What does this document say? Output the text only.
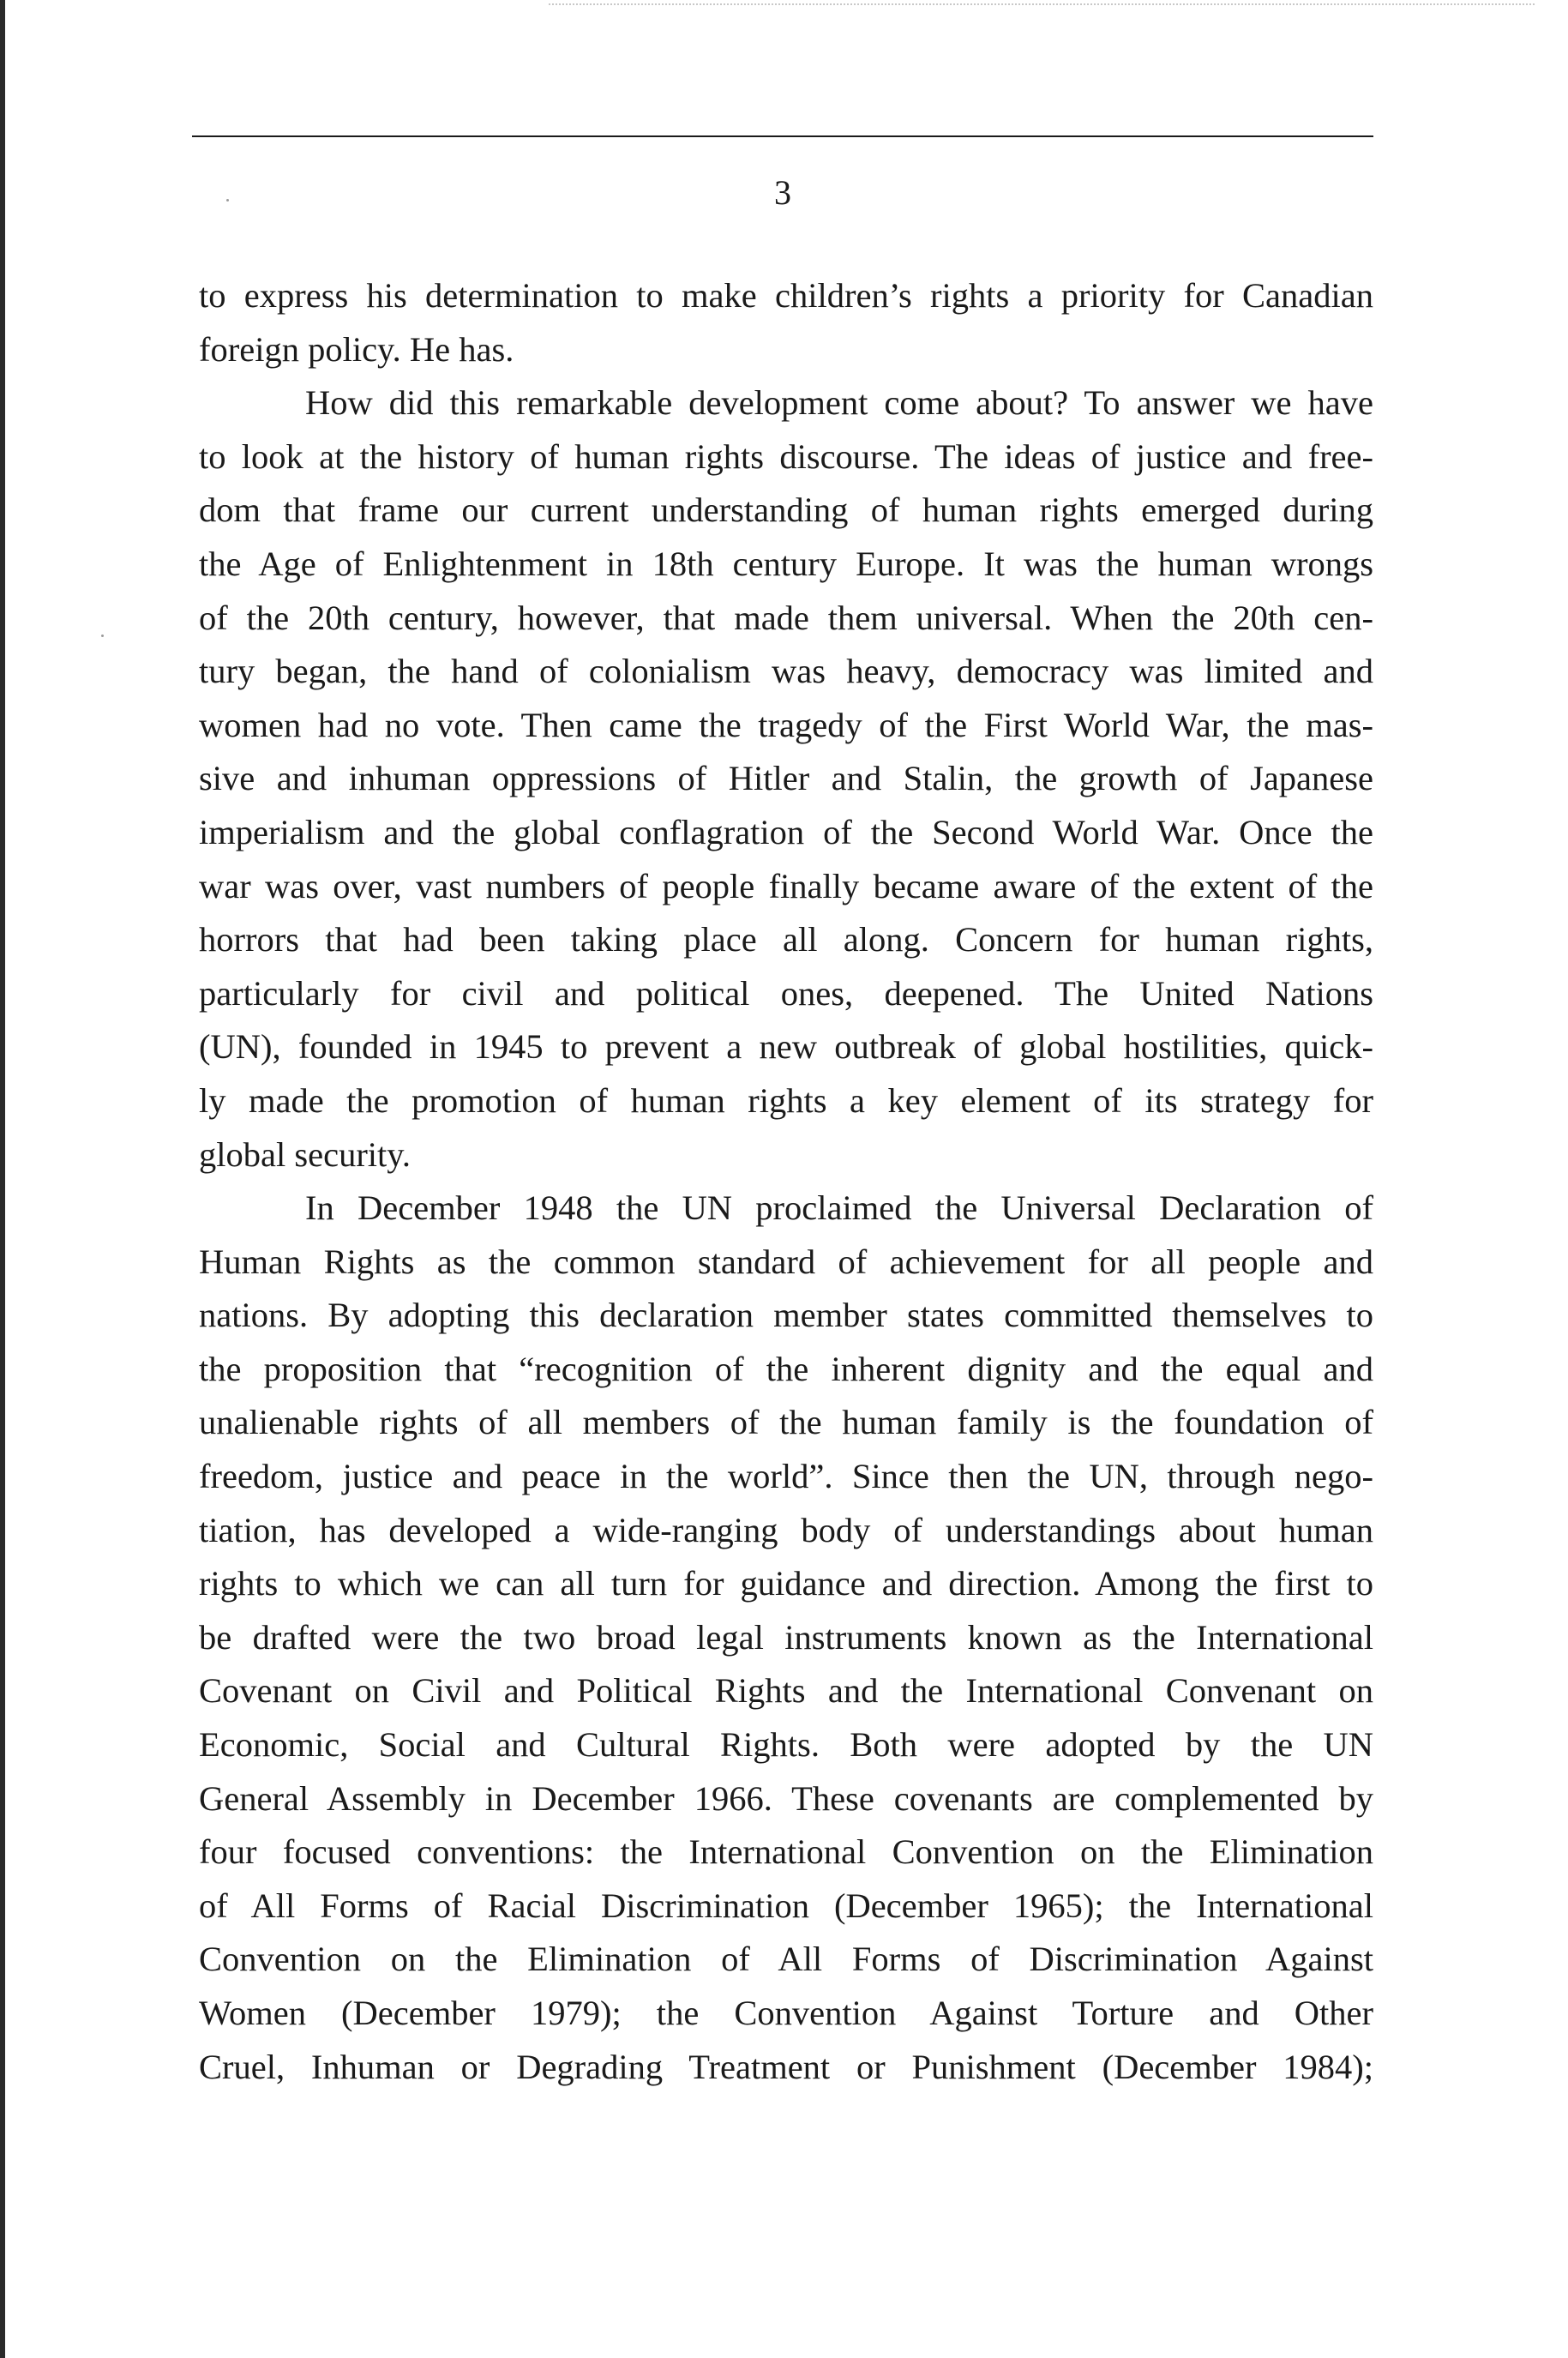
3
to express his determination to make children’s rights a priority for Canadian
foreign policy. He has.
How did this remarkable development come about? To answer we have
to look at the history of human rights discourse. The ideas of justice and free-
dom that frame our current understanding of human rights emerged during
the Age of Enlightenment in 18th century Europe. It was the human wrongs
of the 20th century, however, that made them universal. When the 20th cen-
tury began, the hand of colonialism was heavy, democracy was limited and
women had no vote. Then came the tragedy of the First World War, the mas-
sive and inhuman oppressions of Hitler and Stalin, the growth of Japanese
imperialism and the global conflagration of the Second World War. Once the
war was over, vast numbers of people finally became aware of the extent of the
horrors that had been taking place all along. Concern for human rights,
particularly for civil and political ones, deepened. The United Nations
(UN), founded in 1945 to prevent a new outbreak of global hostilities, quick-
ly made the promotion of human rights a key element of its strategy for
global security.
In December 1948 the UN proclaimed the Universal Declaration of
Human Rights as the common standard of achievement for all people and
nations. By adopting this declaration member states committed themselves to
the proposition that “recognition of the inherent dignity and the equal and
unalienable rights of all members of the human family is the foundation of
freedom, justice and peace in the world”. Since then the UN, through nego-
tiation, has developed a wide-ranging body of understandings about human
rights to which we can all turn for guidance and direction. Among the first to
be drafted were the two broad legal instruments known as the International
Covenant on Civil and Political Rights and the International Convenant on
Economic, Social and Cultural Rights. Both were adopted by the UN
General Assembly in December 1966. These covenants are complemented by
four focused conventions: the International Convention on the Elimination
of All Forms of Racial Discrimination (December 1965); the International
Convention on the Elimination of All Forms of Discrimination Against
Women (December 1979); the Convention Against Torture and Other
Cruel, Inhuman or Degrading Treatment or Punishment (December 1984);
